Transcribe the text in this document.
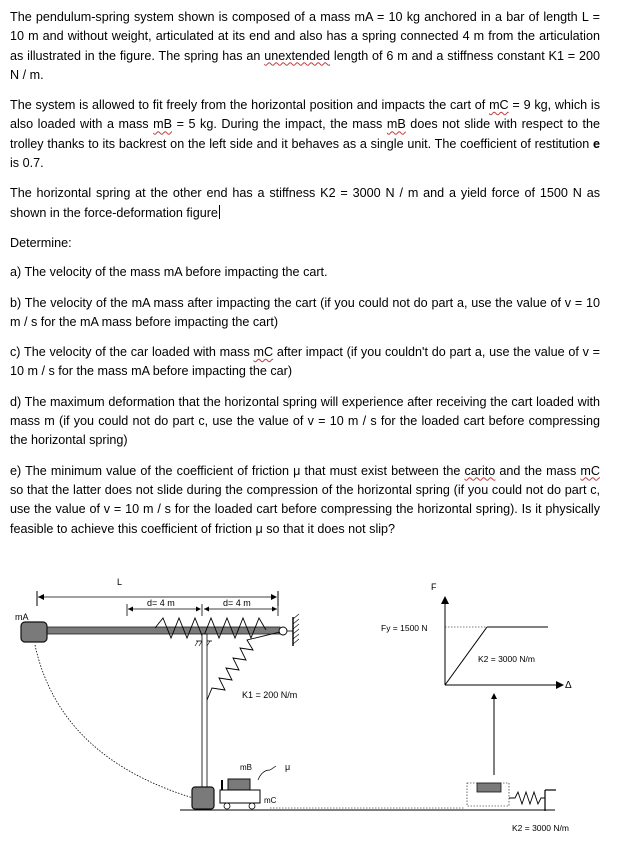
The pendulum-spring system shown is composed of a mass mA = 10 kg anchored in a bar of length L = 10 m and without weight, articulated at its end and also has a spring connected 4 m from the articulation as illustrated in the figure. The spring has an unextended length of 6 m and a stiffness constant K1 = 200 N / m.

The system is allowed to fit freely from the horizontal position and impacts the cart of mC = 9 kg, which is also loaded with a mass mB = 5 kg. During the impact, the mass mB does not slide with respect to the trolley thanks to its backrest on the left side and it behaves as a single unit. The coefficient of restitution e is 0.7.

The horizontal spring at the other end has a stiffness K2 = 3000 N / m and a yield force of 1500 N as shown in the force-deformation figure

Determine:

a) The velocity of the mass mA before impacting the cart.

b) The velocity of the mA mass after impacting the cart (if you could not do part a, use the value of v = 10 m / s for the mA mass before impacting the cart)

c) The velocity of the car loaded with mass mC after impact (if you couldn't do part a, use the value of v = 10 m / s for the mass mA before impacting the car)

d) The maximum deformation that the horizontal spring will experience after receiving the cart loaded with mass m (if you could not do part c, use the value of v = 10 m / s for the loaded cart before compressing the horizontal spring)

e) The minimum value of the coefficient of friction μ that must exist between the carito and the mass mC so that the latter does not slide during the compression of the horizontal spring (if you could not do part c, use the value of v = 10 m / s for the loaded cart before compressing the horizontal spring). Is it physically feasible to achieve this coefficient of friction μ so that it does not slip?

L
d= 4 m	d= 4 m
mA
K1 = 200 N/m
mB	μ
mC
F
Δ
Fy = 1500 N
K2 = 3000 N/m
K2 = 3000 N/m
